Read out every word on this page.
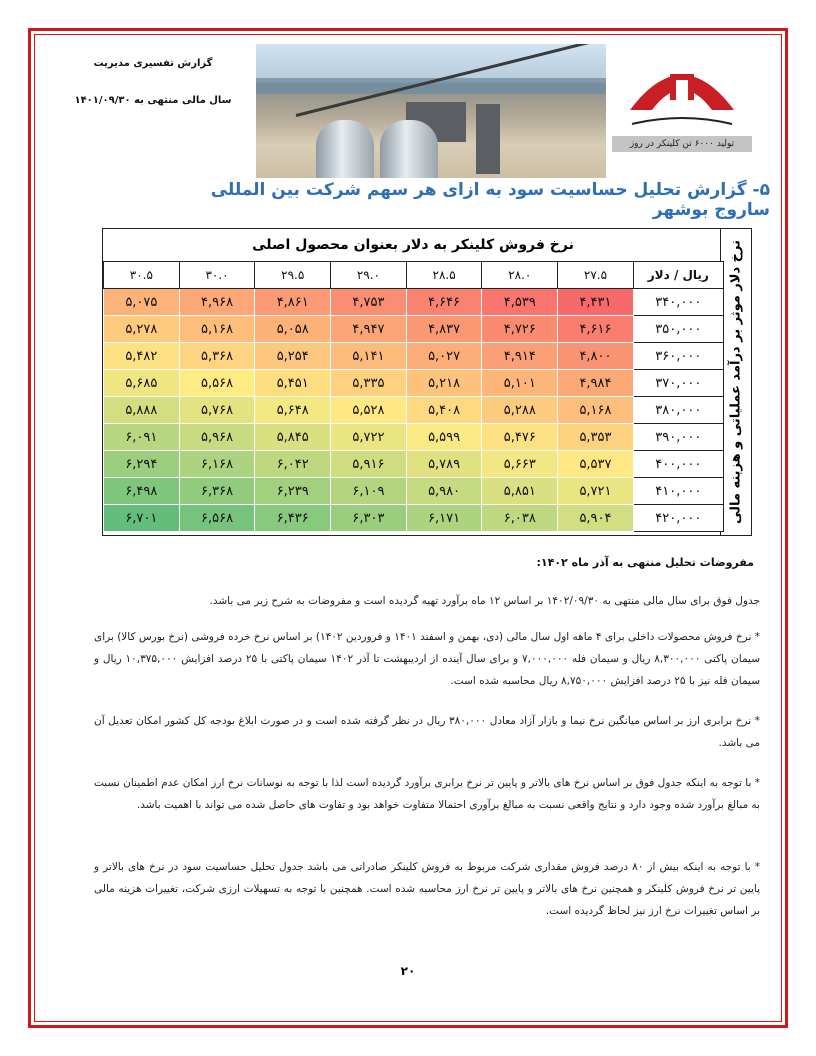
گزارش تفسیری مدیریت
سال مالی منتهی به ۱۴۰۱/۰۹/۳۰
تولید ۶۰۰۰ تن کلینکر در روز
۵- گزارش تحلیل حساسیت سود به ازای هر سهم شرکت بین المللی ساروج بوشهر
نرخ فروش کلینکر به دلار بعنوان محصول اصلی	نرخ دلار موثر بر درآمد عملیاتی و هزینه مالی
۳۰.۵	۳۰.۰	۲۹.۵	۲۹.۰	۲۸.۵	۲۸.۰	۲۷.۵	ریال / دلار
۵,۰۷۵	۴,۹۶۸	۴,۸۶۱	۴,۷۵۳	۴,۶۴۶	۴,۵۳۹	۴,۴۳۱	۳۴۰,۰۰۰
۵,۲۷۸	۵,۱۶۸	۵,۰۵۸	۴,۹۴۷	۴,۸۳۷	۴,۷۲۶	۴,۶۱۶	۳۵۰,۰۰۰
۵,۴۸۲	۵,۳۶۸	۵,۲۵۴	۵,۱۴۱	۵,۰۲۷	۴,۹۱۴	۴,۸۰۰	۳۶۰,۰۰۰
۵,۶۸۵	۵,۵۶۸	۵,۴۵۱	۵,۳۳۵	۵,۲۱۸	۵,۱۰۱	۴,۹۸۴	۳۷۰,۰۰۰
۵,۸۸۸	۵,۷۶۸	۵,۶۴۸	۵,۵۲۸	۵,۴۰۸	۵,۲۸۸	۵,۱۶۸	۳۸۰,۰۰۰
۶,۰۹۱	۵,۹۶۸	۵,۸۴۵	۵,۷۲۲	۵,۵۹۹	۵,۴۷۶	۵,۳۵۳	۳۹۰,۰۰۰
۶,۲۹۴	۶,۱۶۸	۶,۰۴۲	۵,۹۱۶	۵,۷۸۹	۵,۶۶۳	۵,۵۳۷	۴۰۰,۰۰۰
۶,۴۹۸	۶,۳۶۸	۶,۲۳۹	۶,۱۰۹	۵,۹۸۰	۵,۸۵۱	۵,۷۲۱	۴۱۰,۰۰۰
۶,۷۰۱	۶,۵۶۸	۶,۴۳۶	۶,۳۰۳	۶,۱۷۱	۶,۰۳۸	۵,۹۰۴	۴۲۰,۰۰۰
مفروضات تحلیل منتهی به آذر ماه ۱۴۰۲:
جدول فوق برای سال مالی منتهی به ۱۴۰۲/۰۹/۳۰ بر اساس ۱۲ ماه برآورد تهیه گردیده است و مفروضات به شرح زیر می باشد.
* نرخ فروش محصولات داخلی برای ۴ ماهه اول سال مالی (دی، بهمن و اسفند ۱۴۰۱ و فروردین ۱۴۰۲) بر اساس نرخ خرده فروشی (نرخ بورس کالا) برای سیمان پاکتی ۸,۳۰۰,۰۰۰ ریال و سیمان فله ۷,۰۰۰,۰۰۰ و برای سال آینده از اردیبهشت تا آذر ۱۴۰۲ سیمان پاکتی با ۲۵ درصد افزایش ۱۰,۳۷۵,۰۰۰ ریال و سیمان فله نیز با ۲۵ درصد افزایش ۸,۷۵۰,۰۰۰ ریال محاسبه شده است.
* نرخ برابری ارز بر اساس میانگین نرخ نیما و بازار آزاد معادل ۳۸۰,۰۰۰ ریال در نظر گرفته شده است و در صورت ابلاغ بودجه کل کشور امکان تعدیل آن می باشد.
* با توجه به اینکه جدول فوق بر اساس نرخ های بالاتر و پایین تر نرخ برابری برآورد گردیده است لذا با توجه به نوسانات نرخ ارز امکان عدم اطمینان نسبت به مبالغ برآورد شده وجود دارد و نتایج واقعی نسبت به مبالغ برآوری احتمالا متفاوت خواهد بود و تفاوت های حاصل شده می تواند با اهمیت باشد.
* با توجه به اینکه بیش از ۸۰ درصد فروش مقداری شرکت مربوط به فروش کلینکر صادراتی می باشد جدول تحلیل حساسیت سود در نرخ های بالاتر و پایین تر نرخ فروش کلینکر و همچنین نرخ های بالاتر و پایین تر نرخ ارز محاسبه شده است. همچنین با توجه به تسهیلات ارزی شرکت، تغییرات هزینه مالی بر اساس تغییرات نرخ ارز نیز لحاظ گردیده است.
۲۰
